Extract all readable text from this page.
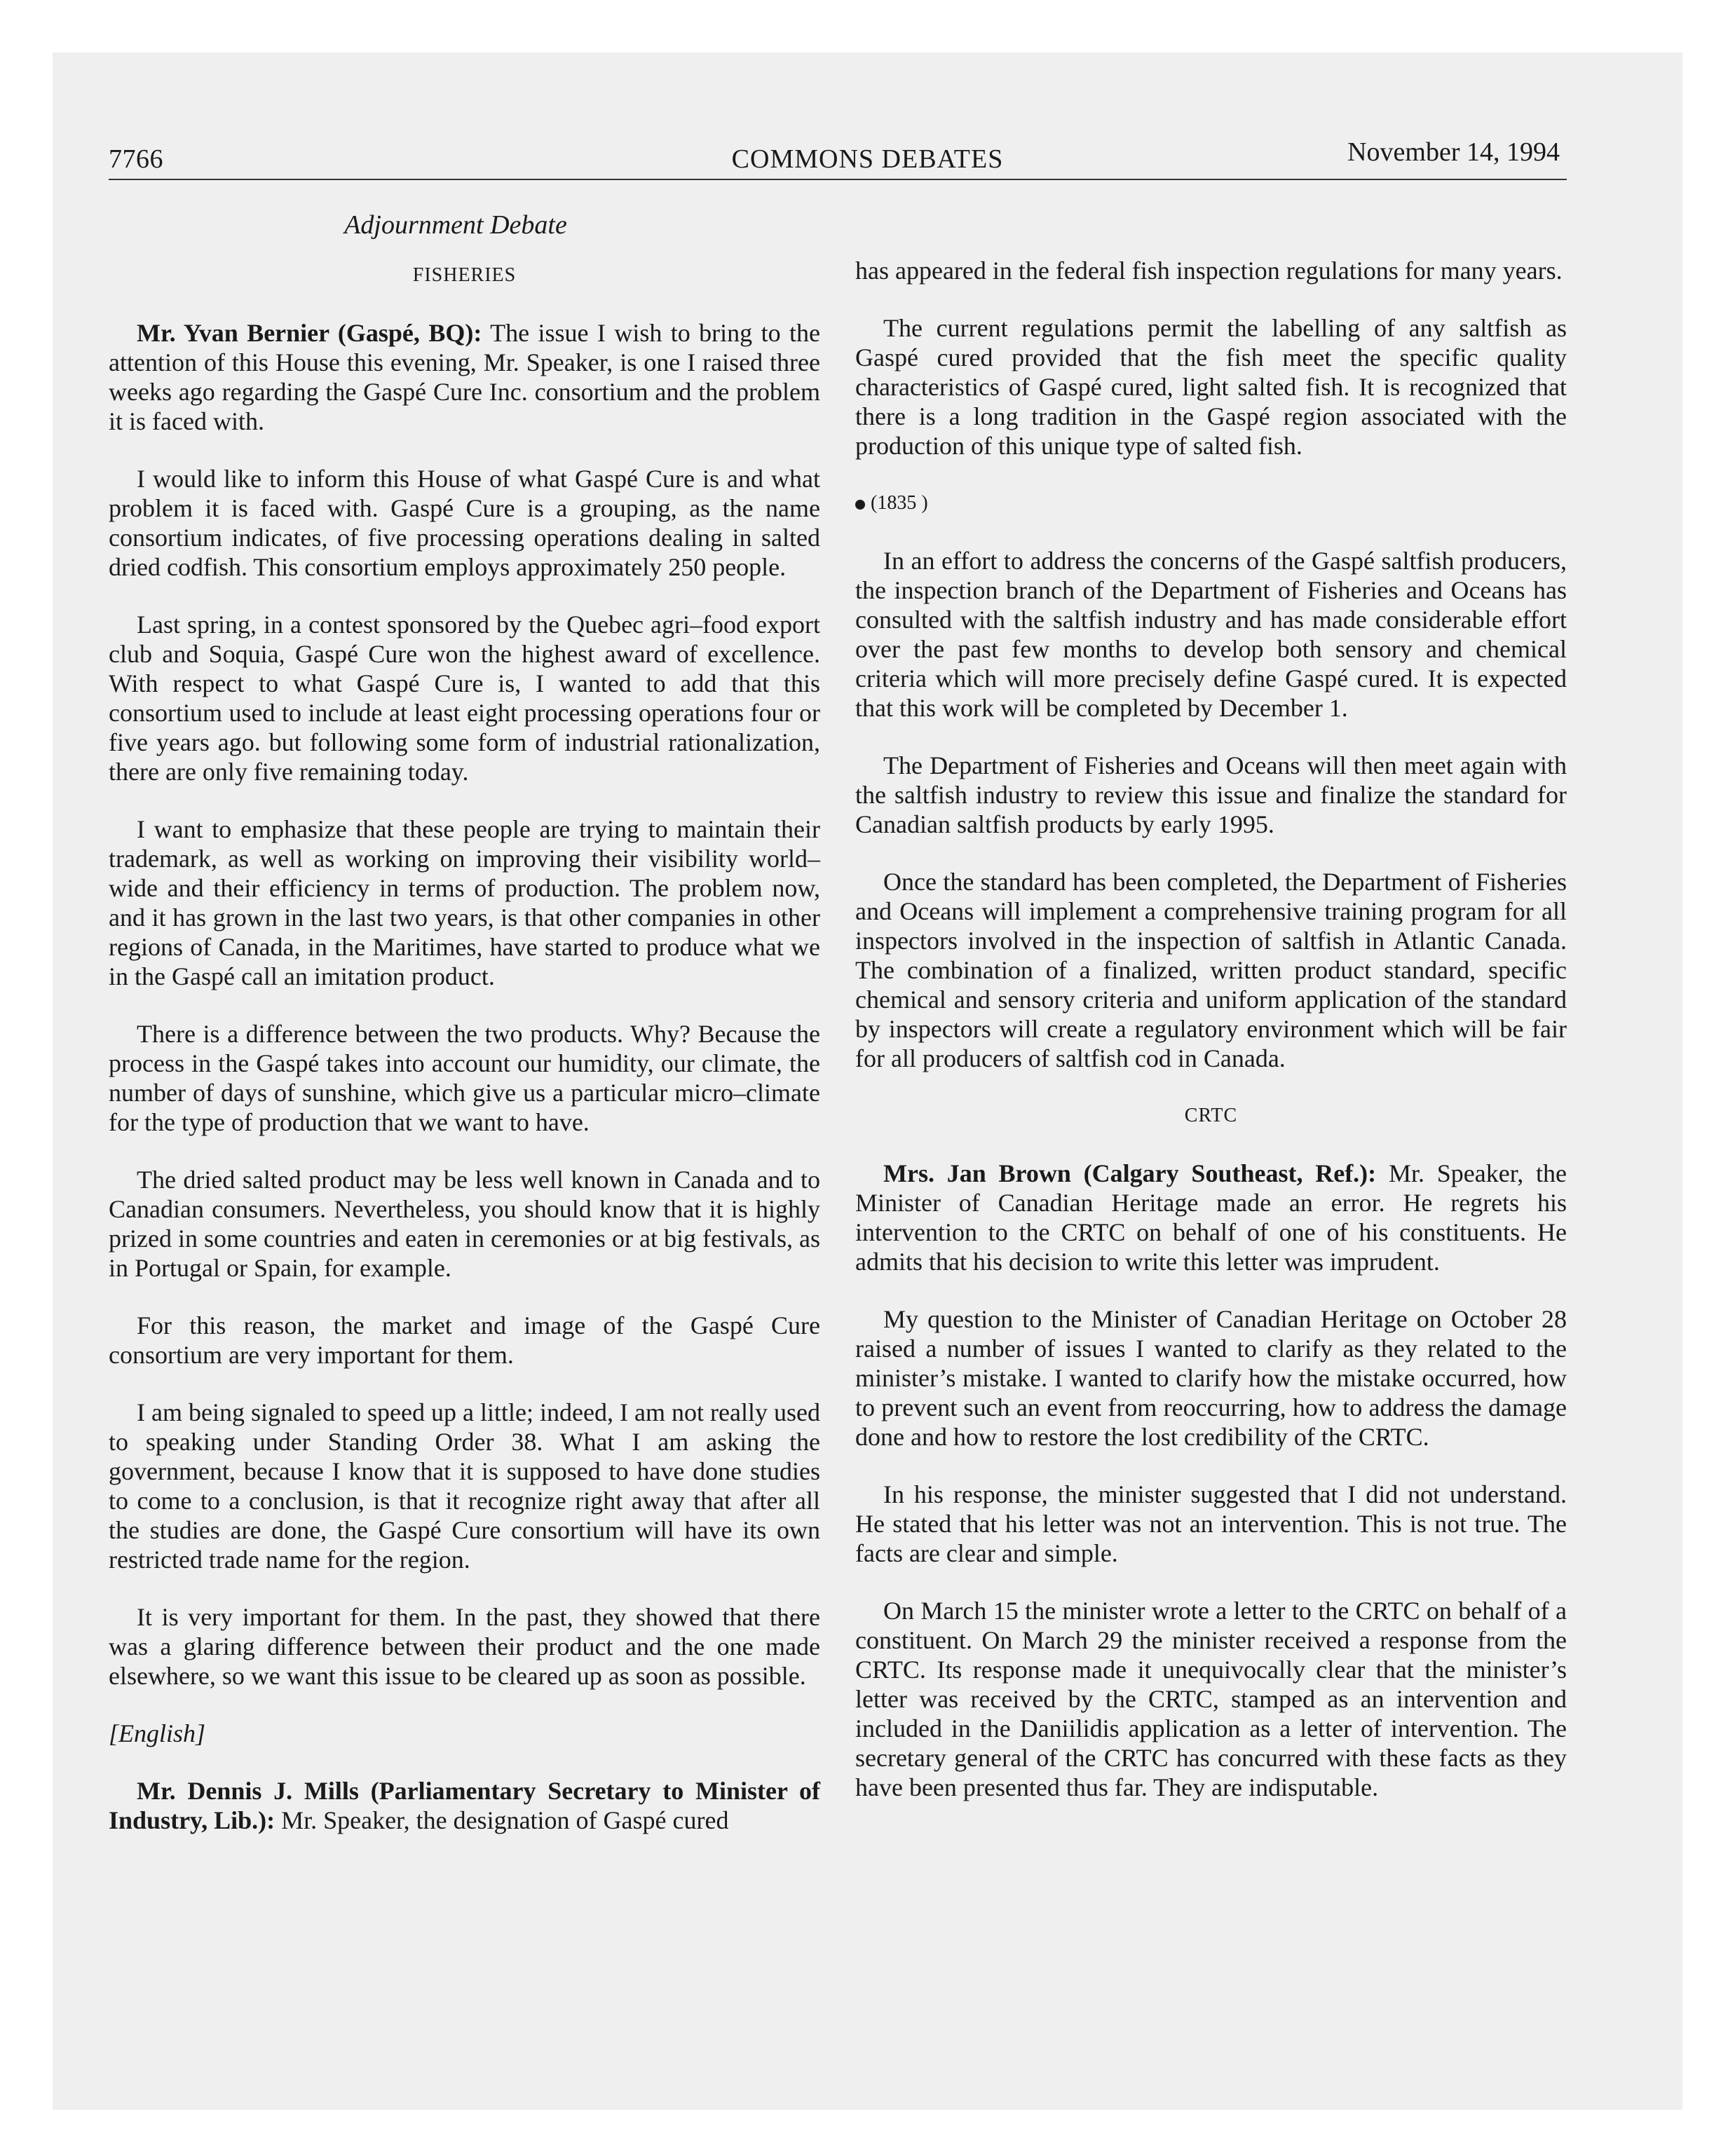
7766	COMMONS DEBATES	November 14, 1994
Adjournment Debate
FISHERIES

Mr. Yvan Bernier (Gaspé, BQ): The issue I wish to bring to the attention of this House this evening, Mr. Speaker, is one I raised three weeks ago regarding the Gaspé Cure Inc. consortium and the problem it is faced with.

I would like to inform this House of what Gaspé Cure is and what problem it is faced with. Gaspé Cure is a grouping, as the name consortium indicates, of five processing operations dealing in salted dried codfish. This consortium employs approximately 250 people.

Last spring, in a contest sponsored by the Quebec agri–food export club and Soquia, Gaspé Cure won the highest award of excellence. With respect to what Gaspé Cure is, I wanted to add that this consortium used to include at least eight processing operations four or five years ago. but following some form of industrial rationalization, there are only five remaining today.

I want to emphasize that these people are trying to maintain their trademark, as well as working on improving their visibility world–wide and their efficiency in terms of production. The problem now, and it has grown in the last two years, is that other companies in other regions of Canada, in the Maritimes, have started to produce what we in the Gaspé call an imitation product.

There is a difference between the two products. Why? Because the process in the Gaspé takes into account our humidity, our climate, the number of days of sunshine, which give us a particular micro–climate for the type of production that we want to have.

The dried salted product may be less well known in Canada and to Canadian consumers. Nevertheless, you should know that it is highly prized in some countries and eaten in ceremonies or at big festivals, as in Portugal or Spain, for example.

For this reason, the market and image of the Gaspé Cure consortium are very important for them.

I am being signaled to speed up a little; indeed, I am not really used to speaking under Standing Order 38. What I am asking the government, because I know that it is supposed to have done studies to come to a conclusion, is that it recognize right away that after all the studies are done, the Gaspé Cure consortium will have its own restricted trade name for the region.

It is very important for them. In the past, they showed that there was a glaring difference between their product and the one made elsewhere, so we want this issue to be cleared up as soon as possible.

[English]

Mr. Dennis J. Mills (Parliamentary Secretary to Minister of Industry, Lib.): Mr. Speaker, the designation of Gaspé cured

has appeared in the federal fish inspection regulations for many years.

The current regulations permit the labelling of any saltfish as Gaspé cured provided that the fish meet the specific quality characteristics of Gaspé cured, light salted fish. It is recognized that there is a long tradition in the Gaspé region associated with the production of this unique type of salted fish.

(1835 )

In an effort to address the concerns of the Gaspé saltfish producers, the inspection branch of the Department of Fisheries and Oceans has consulted with the saltfish industry and has made considerable effort over the past few months to develop both sensory and chemical criteria which will more precisely define Gaspé cured. It is expected that this work will be completed by December 1.

The Department of Fisheries and Oceans will then meet again with the saltfish industry to review this issue and finalize the standard for Canadian saltfish products by early 1995.

Once the standard has been completed, the Department of Fisheries and Oceans will implement a comprehensive training program for all inspectors involved in the inspection of saltfish in Atlantic Canada. The combination of a finalized, written product standard, specific chemical and sensory criteria and uniform application of the standard by inspectors will create a regulatory environment which will be fair for all producers of saltfish cod in Canada.

CRTC

Mrs. Jan Brown (Calgary Southeast, Ref.): Mr. Speaker, the Minister of Canadian Heritage made an error. He regrets his intervention to the CRTC on behalf of one of his constituents. He admits that his decision to write this letter was imprudent.

My question to the Minister of Canadian Heritage on October 28 raised a number of issues I wanted to clarify as they related to the minister’s mistake. I wanted to clarify how the mistake occurred, how to prevent such an event from reoccurring, how to address the damage done and how to restore the lost credibility of the CRTC.

In his response, the minister suggested that I did not understand. He stated that his letter was not an intervention. This is not true. The facts are clear and simple.

On March 15 the minister wrote a letter to the CRTC on behalf of a constituent. On March 29 the minister received a response from the CRTC. Its response made it unequivocally clear that the minister’s letter was received by the CRTC, stamped as an intervention and included in the Daniilidis application as a letter of intervention. The secretary general of the CRTC has concurred with these facts as they have been presented thus far. They are indisputable.
